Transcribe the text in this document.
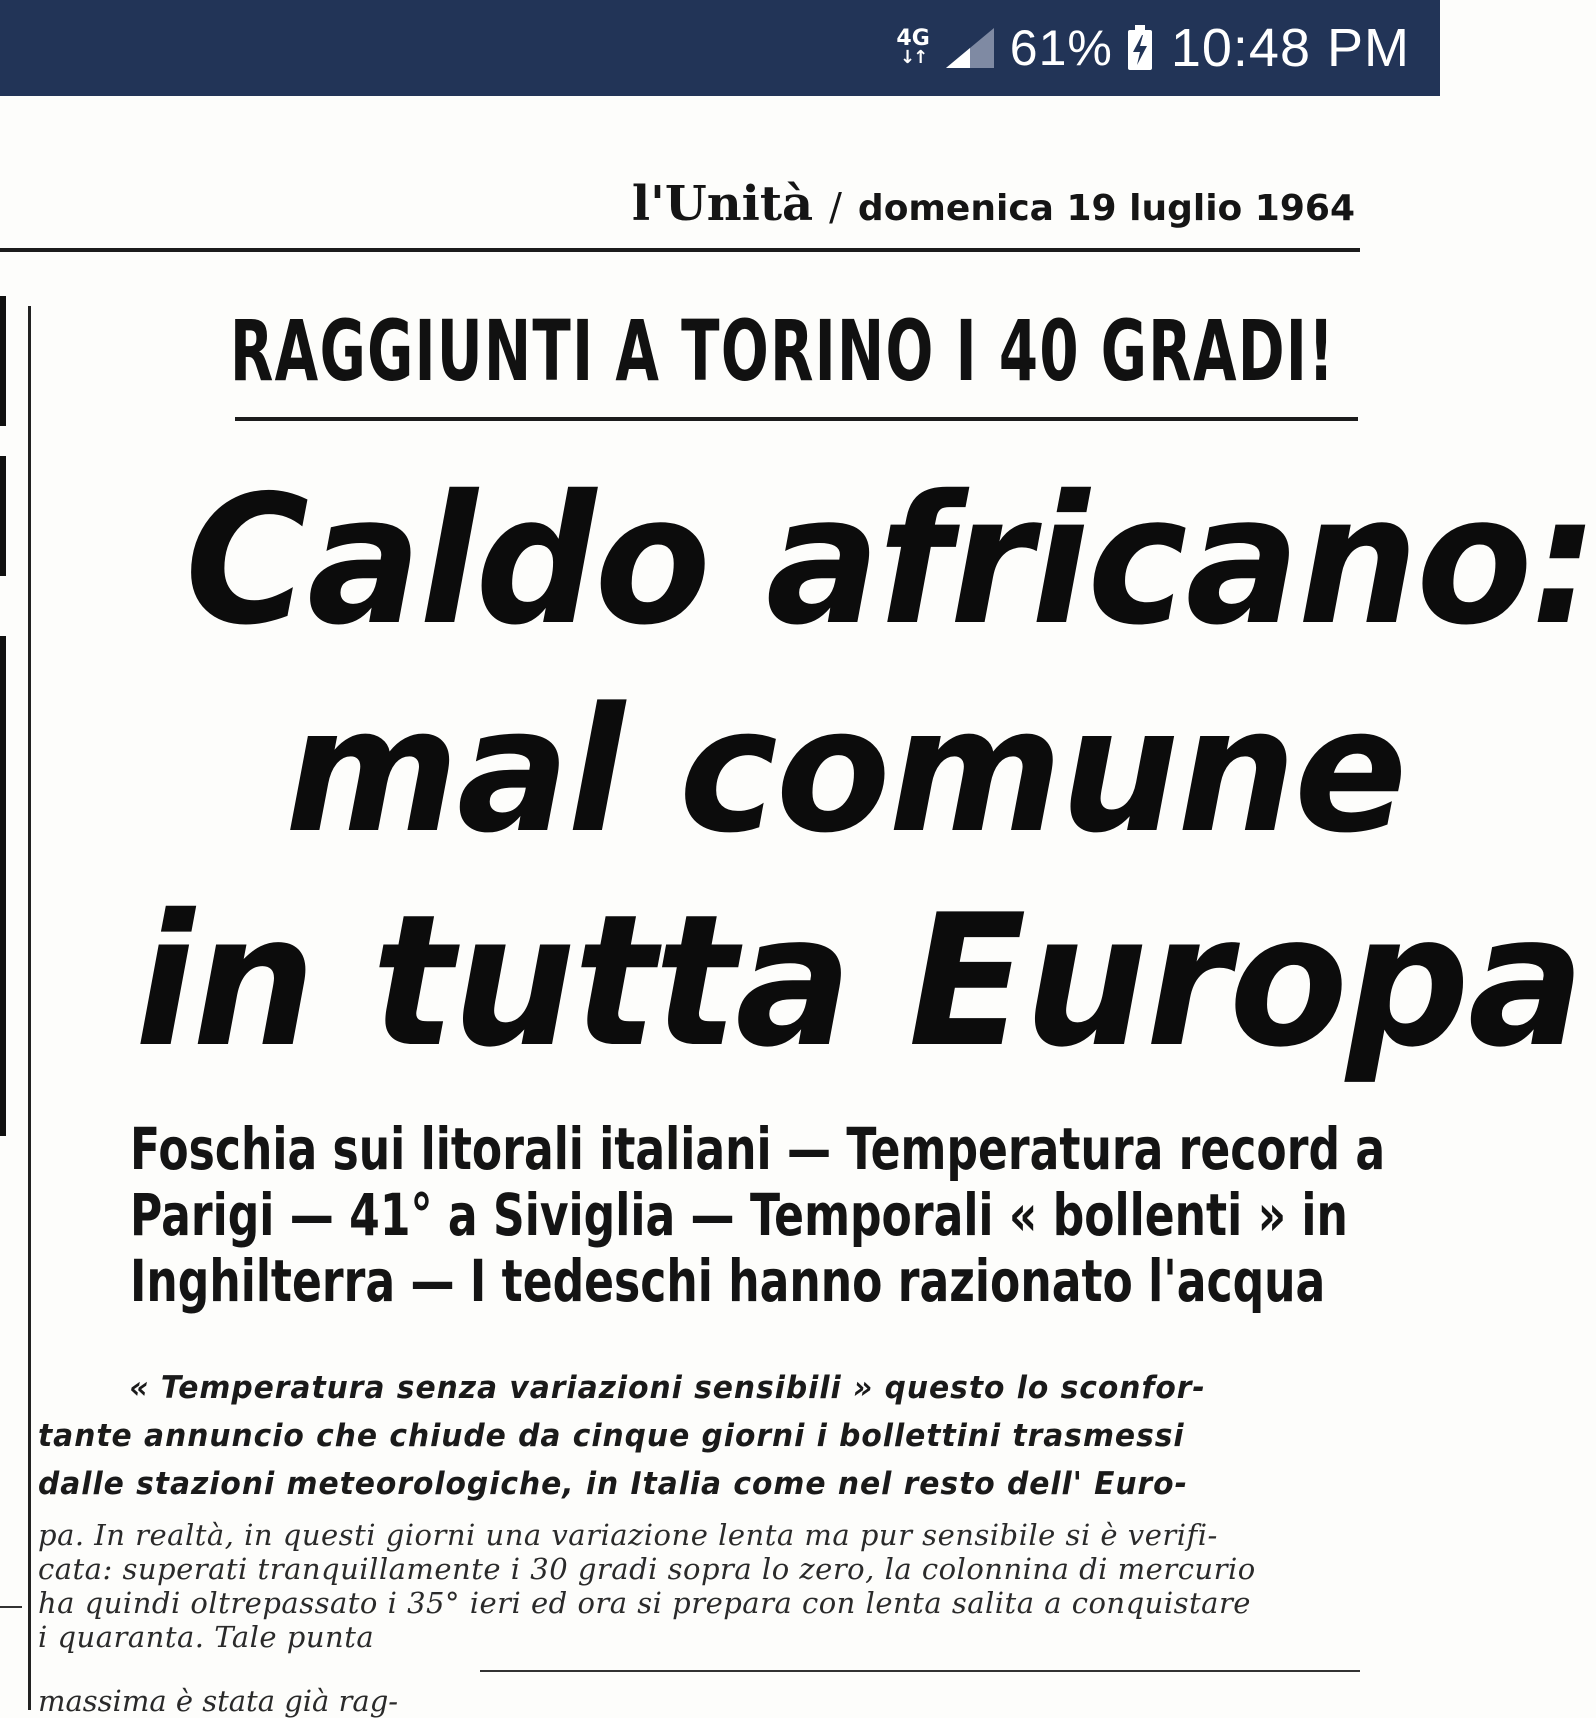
4G
↓↑ 61% 10:48 PM
l'Unità / domenica 19 luglio 1964
RAGGIUNTI A TORINO I 40 GRADI!
Caldo africano:
mal comune
in tutta Europa
Foschia sui litorali italiani — Temperatura record a
Parigi — 41° a Siviglia — Temporali « bollenti » in
Inghilterra — I tedeschi hanno razionato l'acqua
« Temperatura senza variazioni sensibili » questo lo sconfor-
tante annuncio che chiude da cinque giorni i bollettini trasmessi
dalle stazioni meteorologiche, in Italia come nel resto dell' Euro-
pa. In realtà, in questi giorni una variazione lenta ma pur sensibile si è verifi-
cata: superati tranquillamente i 30 gradi sopra lo zero, la colonnina di mercurio
ha quindi oltrepassato i 35° ieri ed ora si prepara con lenta salita a conquistare
i quaranta. Tale punta
massima è stata già rag-
